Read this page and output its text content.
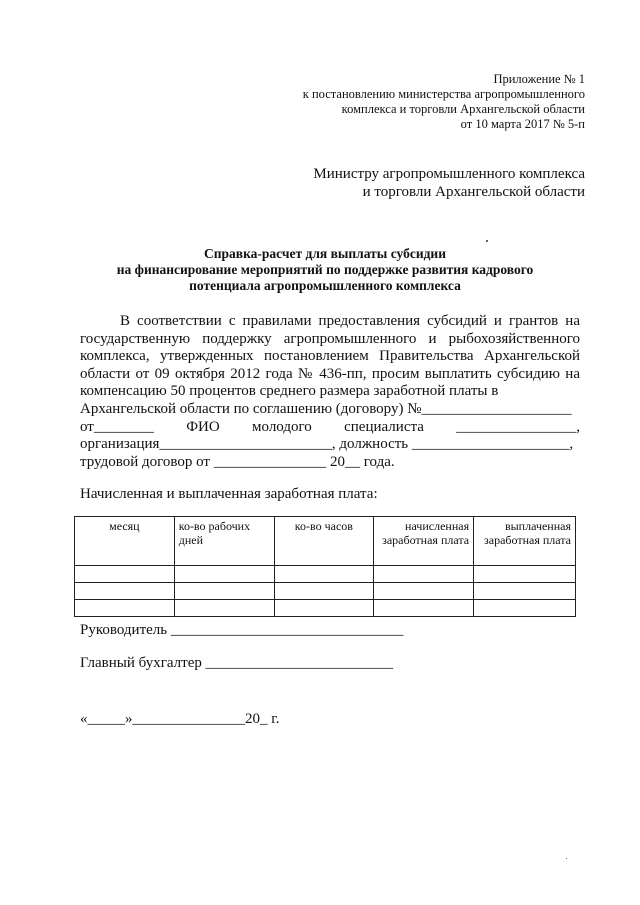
Приложение № 1
к постановлению министерства агропромышленного
комплекса и торговли Архангельской области
от 10 марта 2017 № 5-п
Министру агропромышленного комплекса
и торговли Архангельской области
Справка-расчет для выплаты субсидии
на финансирование мероприятий по поддержке развития кадрового
потенциала агропромышленного комплекса

В соответствии с правилами предоставления субсидий и грантов на государственную поддержку агропромышленного и рыбохозяйственного комплекса, утвержденных постановлением Правительства Архангельской области от 09 октября 2012 года № 436-пп, просим выплатить субсидию на компенсацию 50 процентов среднего размера заработной платы в

Архангельской области по соглашению (договору) №____________________
от________ ФИО молодого специалиста ________________,
организация_______________________, должность _____________________,
трудовой договор от _______________ 20__ года.
Начисленная и выплаченная заработная плата:
месяц	ко-во рабочих дней	ко-во часов	начисленная заработная плата	выплаченная заработная плата

Руководитель _______________________________
Главный бухгалтер _________________________
«_____»_______________20_ г.
